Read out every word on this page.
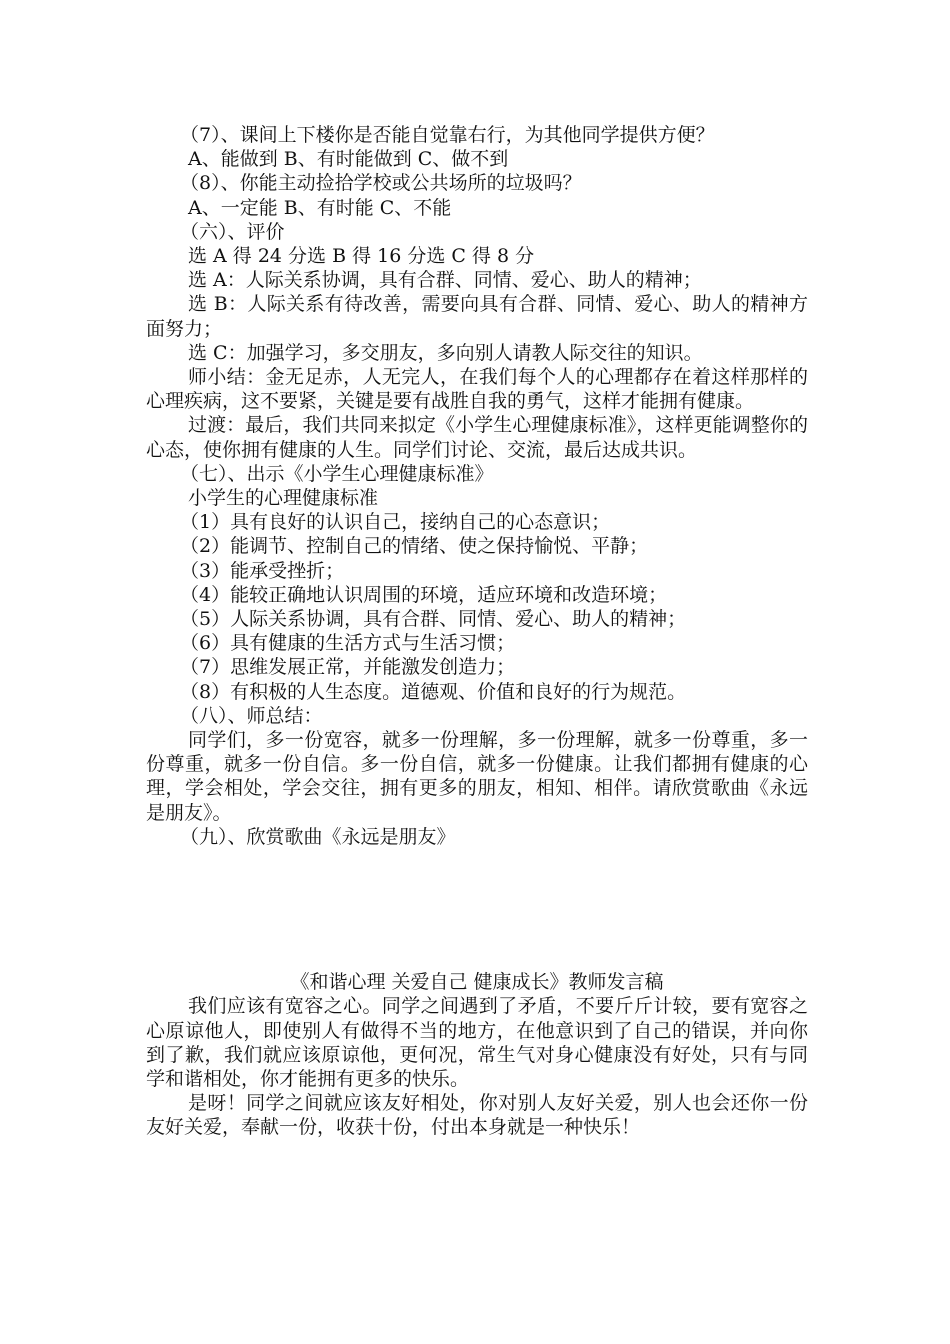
（7）、课间上下楼你是否能自觉靠右行，为其他同学提供方便？

A、能做到 B、有时能做到 C、做不到

（8）、你能主动捡拾学校或公共场所的垃圾吗？

A、一定能 B、有时能 C、不能

（六）、评价

选 A 得 24 分选 B 得 16 分选 C 得 8 分

选 A：人际关系协调，具有合群、同情、爱心、助人的精神；

选 B：人际关系有待改善，需要向具有合群、同情、爱心、助人的精神方面努力；

选 C：加强学习，多交朋友，多向别人请教人际交往的知识。

师小结：金无足赤，人无完人，在我们每个人的心理都存在着这样那样的心理疾病，这不要紧，关键是要有战胜自我的勇气，这样才能拥有健康。

过渡：最后，我们共同来拟定《小学生心理健康标准》，这样更能调整你的心态，使你拥有健康的人生。同学们讨论、交流，最后达成共识。

（七）、出示《小学生心理健康标准》

小学生的心理健康标准

（1）具有良好的认识自己，接纳自己的心态意识；

（2）能调节、控制自己的情绪、使之保持愉悦、平静；

（3）能承受挫折；

（4）能较正确地认识周围的环境，适应环境和改造环境；

（5）人际关系协调，具有合群、同情、爱心、助人的精神；

（6）具有健康的生活方式与生活习惯；

（7）思维发展正常，并能激发创造力；

（8）有积极的人生态度。道德观、价值和良好的行为规范。

（八）、师总结：

同学们，多一份宽容，就多一份理解，多一份理解，就多一份尊重，多一份尊重，就多一份自信。多一份自信，就多一份健康。让我们都拥有健康的心理，学会相处，学会交往，拥有更多的朋友，相知、相伴。请欣赏歌曲《永远是朋友》。

（九）、欣赏歌曲《永远是朋友》

《和谐心理 关爱自己 健康成长》教师发言稿

我们应该有宽容之心。同学之间遇到了矛盾，不要斤斤计较，要有宽容之心原谅他人，即使别人有做得不当的地方，在他意识到了自己的错误，并向你到了歉，我们就应该原谅他，更何况，常生气对身心健康没有好处，只有与同学和谐相处，你才能拥有更多的快乐。

是呀！同学之间就应该友好相处，你对别人友好关爱，别人也会还你一份友好关爱，奉献一份，收获十份，付出本身就是一种快乐！
